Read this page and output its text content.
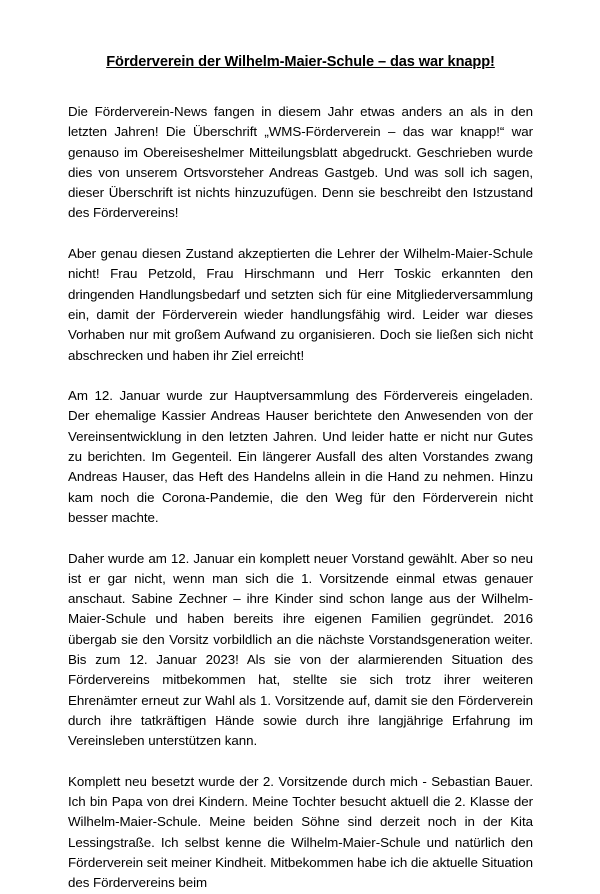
Förderverein der Wilhelm-Maier-Schule – das war knapp!

Die Förderverein-News fangen in diesem Jahr etwas anders an als in den letzten Jahren! Die Überschrift „WMS-Förderverein – das war knapp!“ war genauso im Obereiseshelmer Mitteilungsblatt abgedruckt. Geschrieben wurde dies von unserem Ortsvorsteher Andreas Gastgeb. Und was soll ich sagen, dieser Überschrift ist nichts hinzuzufügen. Denn sie beschreibt den Istzustand des Fördervereins!

Aber genau diesen Zustand akzeptierten die Lehrer der Wilhelm-Maier-Schule nicht! Frau Petzold, Frau Hirschmann und Herr Toskic erkannten den dringenden Handlungsbedarf und setzten sich für eine Mitgliederversammlung ein, damit der Förderverein wieder handlungsfähig wird. Leider war dieses Vorhaben nur mit großem Aufwand zu organisieren. Doch sie ließen sich nicht abschrecken und haben ihr Ziel erreicht!

Am 12. Januar wurde zur Hauptversammlung des Fördervereis eingeladen. Der ehemalige Kassier Andreas Hauser berichtete den Anwesenden von der Vereinsentwicklung in den letzten Jahren. Und leider hatte er nicht nur Gutes zu berichten. Im Gegenteil. Ein längerer Ausfall des alten Vorstandes zwang Andreas Hauser, das Heft des Handelns allein in die Hand zu nehmen. Hinzu kam noch die Corona-Pandemie, die den Weg für den Förderverein nicht besser machte.

Daher wurde am 12. Januar ein komplett neuer Vorstand gewählt. Aber so neu ist er gar nicht, wenn man sich die 1. Vorsitzende einmal etwas genauer anschaut. Sabine Zechner – ihre Kinder sind schon lange aus der Wilhelm-Maier-Schule und haben bereits ihre eigenen Familien gegründet. 2016 übergab sie den Vorsitz vorbildlich an die nächste Vorstandsgeneration weiter. Bis zum 12. Januar 2023! Als sie von der alarmierenden Situation des Fördervereins mitbekommen hat, stellte sie sich trotz ihrer weiteren Ehrenämter erneut zur Wahl als 1. Vorsitzende auf, damit sie den Förderverein durch ihre tatkräftigen Hände sowie durch ihre langjährige Erfahrung im Vereinsleben unterstützen kann.

Komplett neu besetzt wurde der 2. Vorsitzende durch mich - Sebastian Bauer. Ich bin Papa von drei Kindern. Meine Tochter besucht aktuell die 2. Klasse der Wilhelm-Maier-Schule. Meine beiden Söhne sind derzeit noch in der Kita Lessingstraße. Ich selbst kenne die Wilhelm-Maier-Schule und natürlich den Förderverein seit meiner Kindheit. Mitbekommen habe ich die aktuelle Situation des Fördervereins beim
